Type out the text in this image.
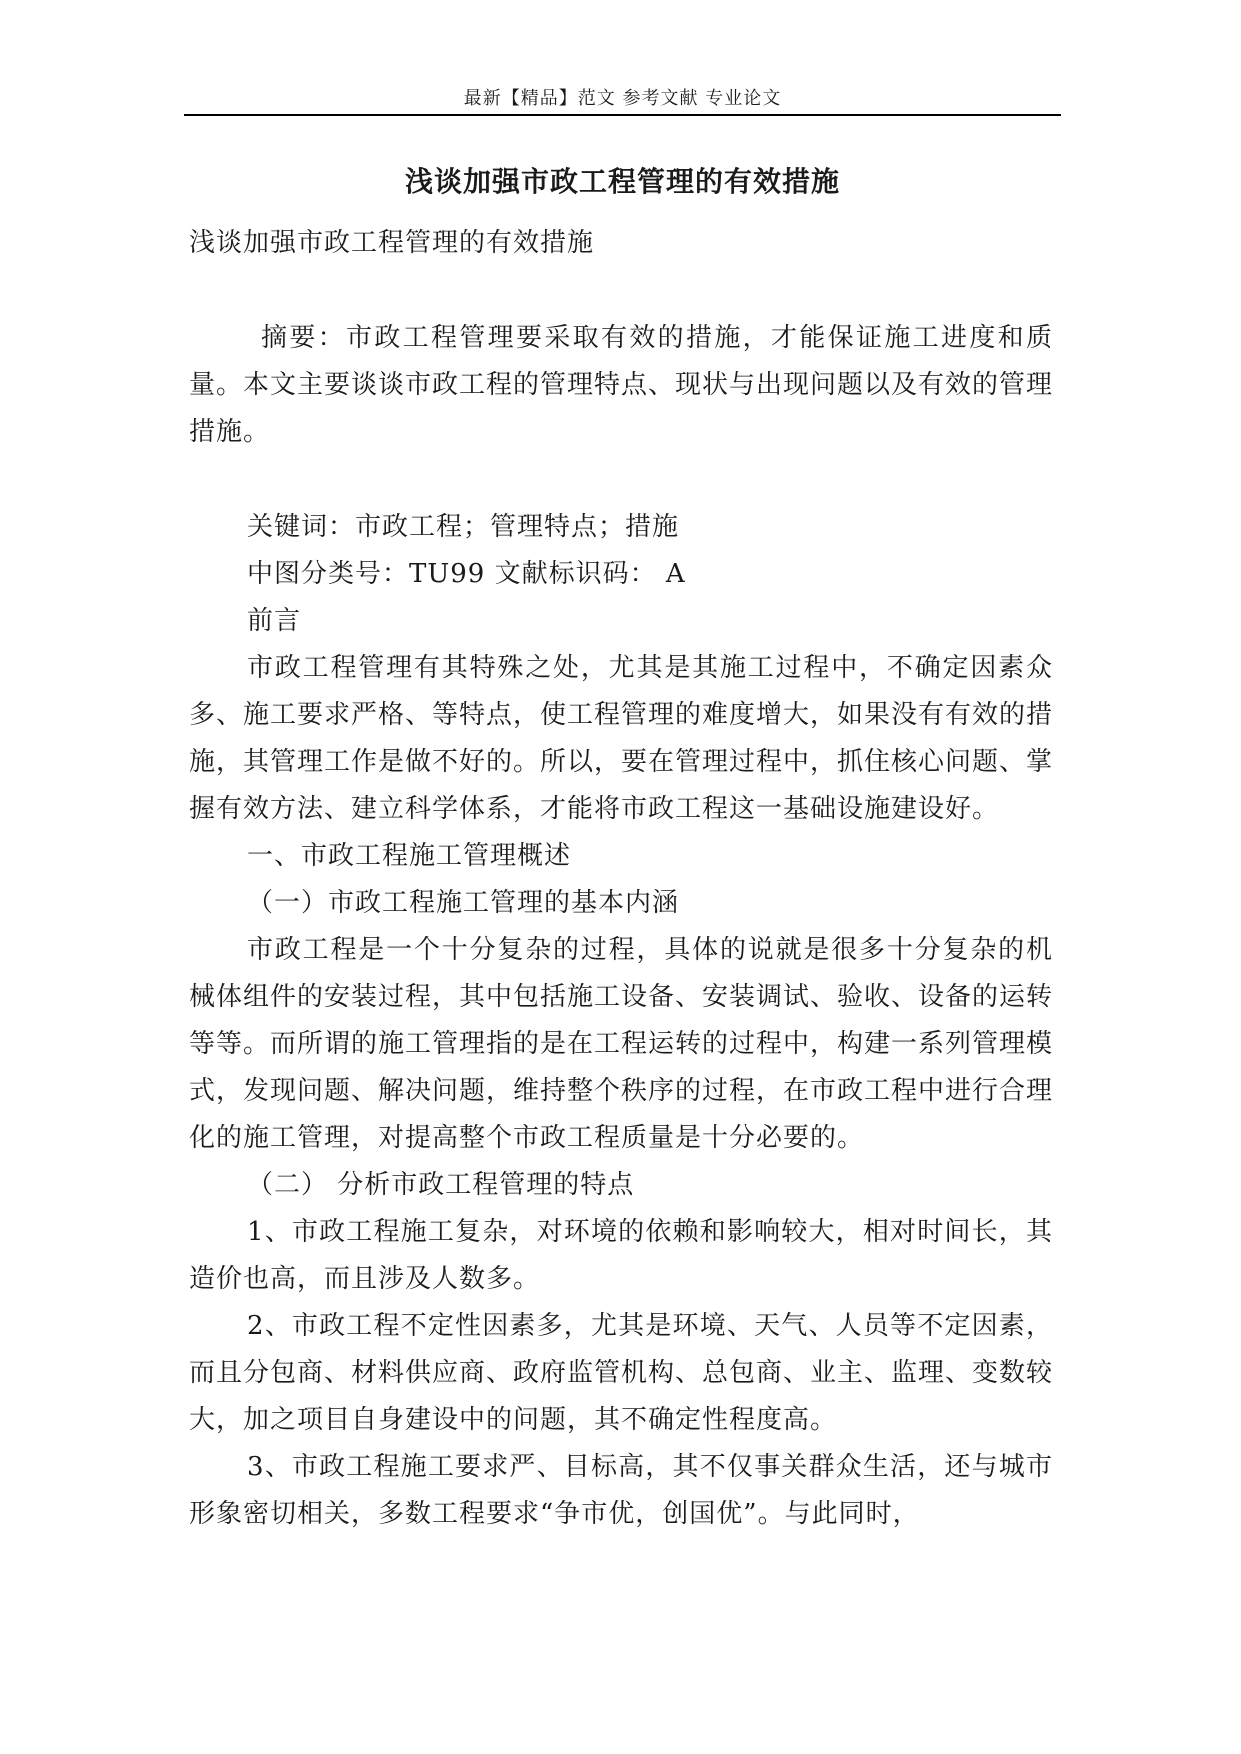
最新【精品】范文 参考文献 专业论文
浅谈加强市政工程管理的有效措施

浅谈加强市政工程管理的有效措施

摘要：市政工程管理要采取有效的措施，才能保证施工进度和质量。本文主要谈谈市政工程的管理特点、现状与出现问题以及有效的管理措施。

关键词：市政工程；管理特点；措施

中图分类号：TU99 文献标识码： A

前言

市政工程管理有其特殊之处，尤其是其施工过程中，不确定因素众多、施工要求严格、等特点，使工程管理的难度增大，如果没有有效的措施，其管理工作是做不好的。所以，要在管理过程中，抓住核心问题、掌握有效方法、建立科学体系，才能将市政工程这一基础设施建设好。

一、市政工程施工管理概述

（一）市政工程施工管理的基本内涵

市政工程是一个十分复杂的过程，具体的说就是很多十分复杂的机械体组件的安装过程，其中包括施工设备、安装调试、验收、设备的运转等等。而所谓的施工管理指的是在工程运转的过程中，构建一系列管理模式，发现问题、解决问题，维持整个秩序的过程，在市政工程中进行合理化的施工管理，对提高整个市政工程质量是十分必要的。

（二） 分析市政工程管理的特点

1、市政工程施工复杂，对环境的依赖和影响较大，相对时间长，其造价也高，而且涉及人数多。

2、市政工程不定性因素多，尤其是环境、天气、人员等不定因素，而且分包商、材料供应商、政府监管机构、总包商、业主、监理、变数较大，加之项目自身建设中的问题，其不确定性程度高。

3、市政工程施工要求严、目标高，其不仅事关群众生活，还与城市形象密切相关，多数工程要求“争市优，创国优”。与此同时，
